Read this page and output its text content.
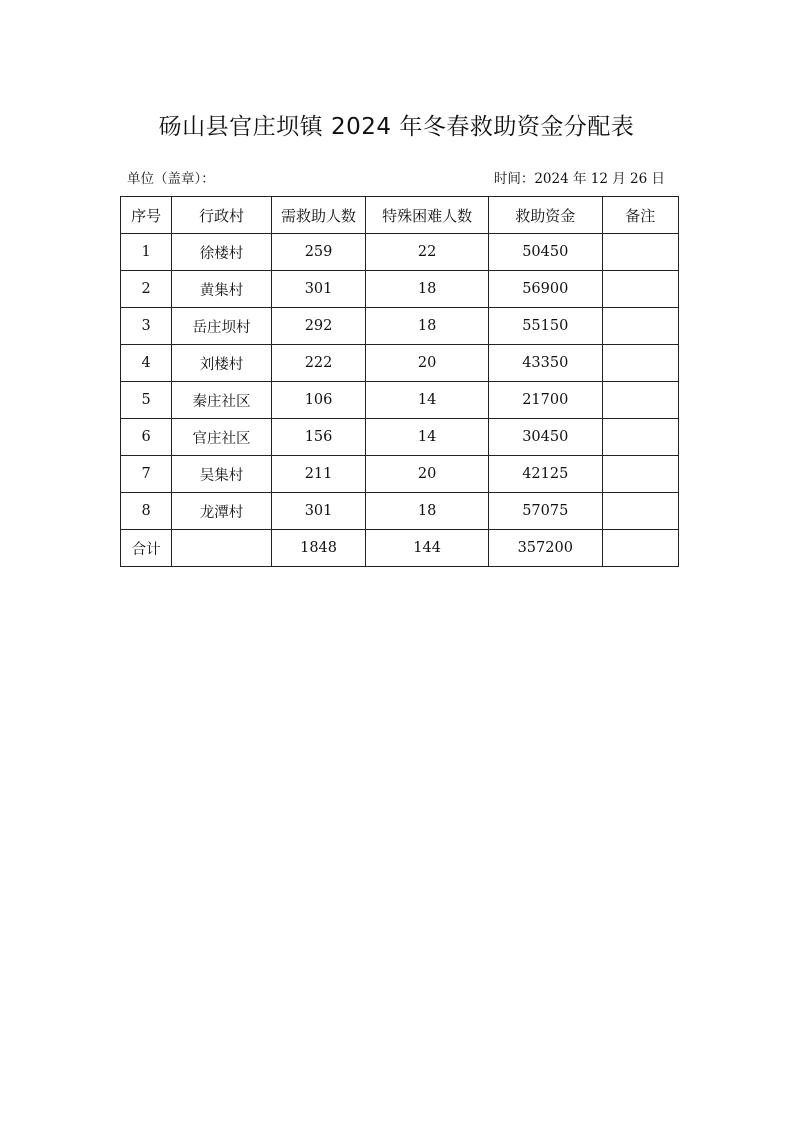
砀山县官庄坝镇 2024 年冬春救助资金分配表
单位（盖章）：	时间：2024 年 12 月 26 日
序号	行政村	需救助人数	特殊困难人数	救助资金	备注
1	徐楼村	259	22	50450	
2	黄集村	301	18	56900	
3	岳庄坝村	292	18	55150	
4	刘楼村	222	20	43350	
5	秦庄社区	106	14	21700	
6	官庄社区	156	14	30450	
7	吴集村	211	20	42125	
8	龙潭村	301	18	57075	
合计		1848	144	357200	
